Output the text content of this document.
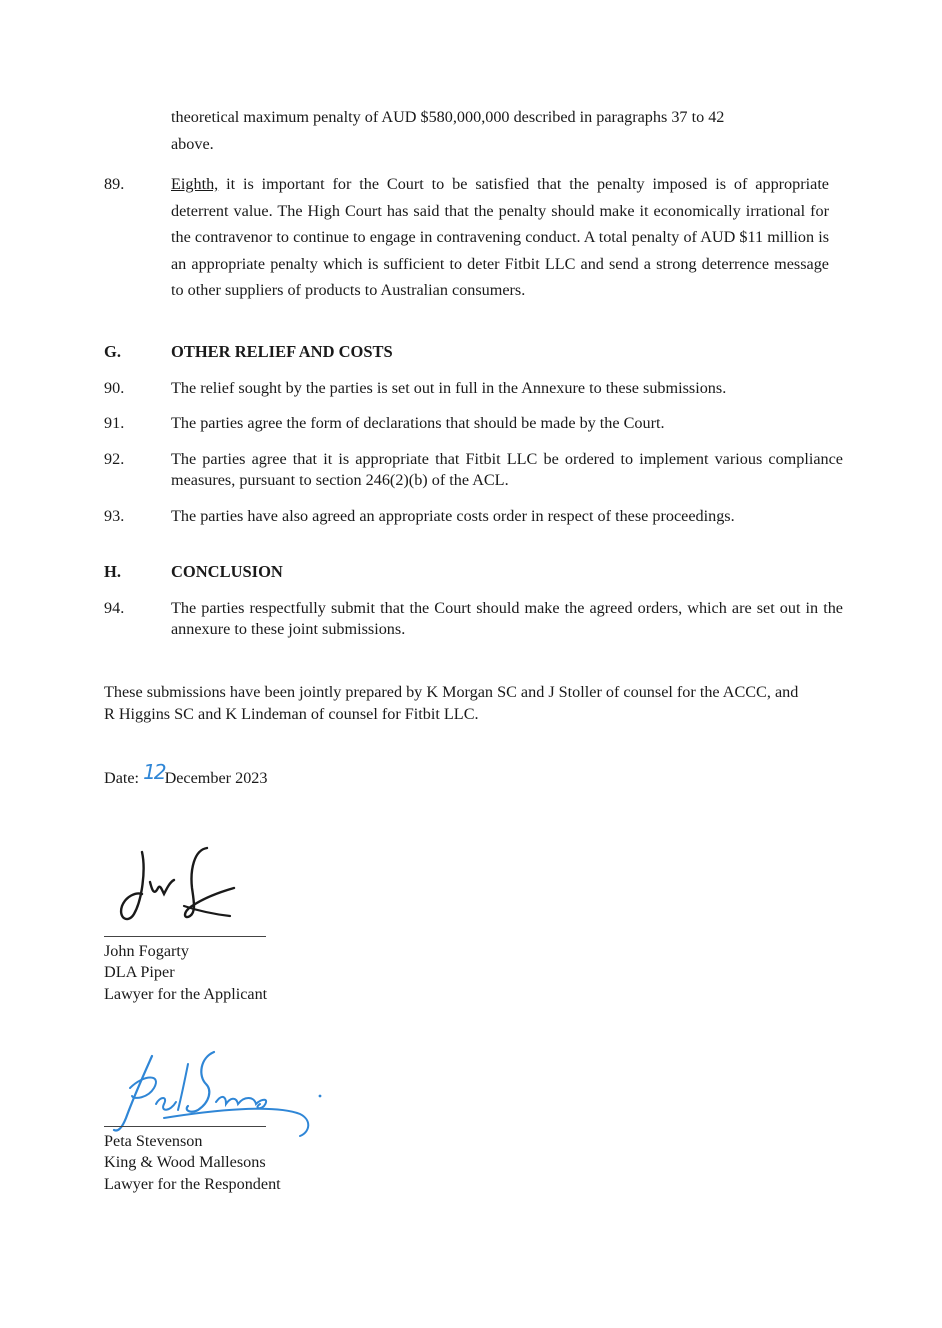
theoretical maximum penalty of AUD $580,000,000 described in paragraphs 37 to 42
above.
89.	Eighth, it is important for the Court to be satisfied that the penalty imposed is of appropriate deterrent value. The High Court has said that the penalty should make it economically irrational for the contravenor to continue to engage in contravening conduct. A total penalty of AUD $11 million is an appropriate penalty which is sufficient to deter Fitbit LLC and send a strong deterrence message to other suppliers of products to Australian consumers.
G.	OTHER RELIEF AND COSTS
90.	The relief sought by the parties is set out in full in the Annexure to these submissions.
91.	The parties agree the form of declarations that should be made by the Court.
92.	The parties agree that it is appropriate that Fitbit LLC be ordered to implement various compliance measures, pursuant to section 246(2)(b) of the ACL.
93.	The parties have also agreed an appropriate costs order in respect of these proceedings.
H.	CONCLUSION
94.	The parties respectfully submit that the Court should make the agreed orders, which are set out in the annexure to these joint submissions.
These submissions have been jointly prepared by K Morgan SC and J Stoller of counsel for the ACCC, and R Higgins SC and K Lindeman of counsel for Fitbit LLC.
Date: 12December 2023
John Fogarty
DLA Piper
Lawyer for the Applicant
Peta Stevenson
King & Wood Mallesons
Lawyer for the Respondent
